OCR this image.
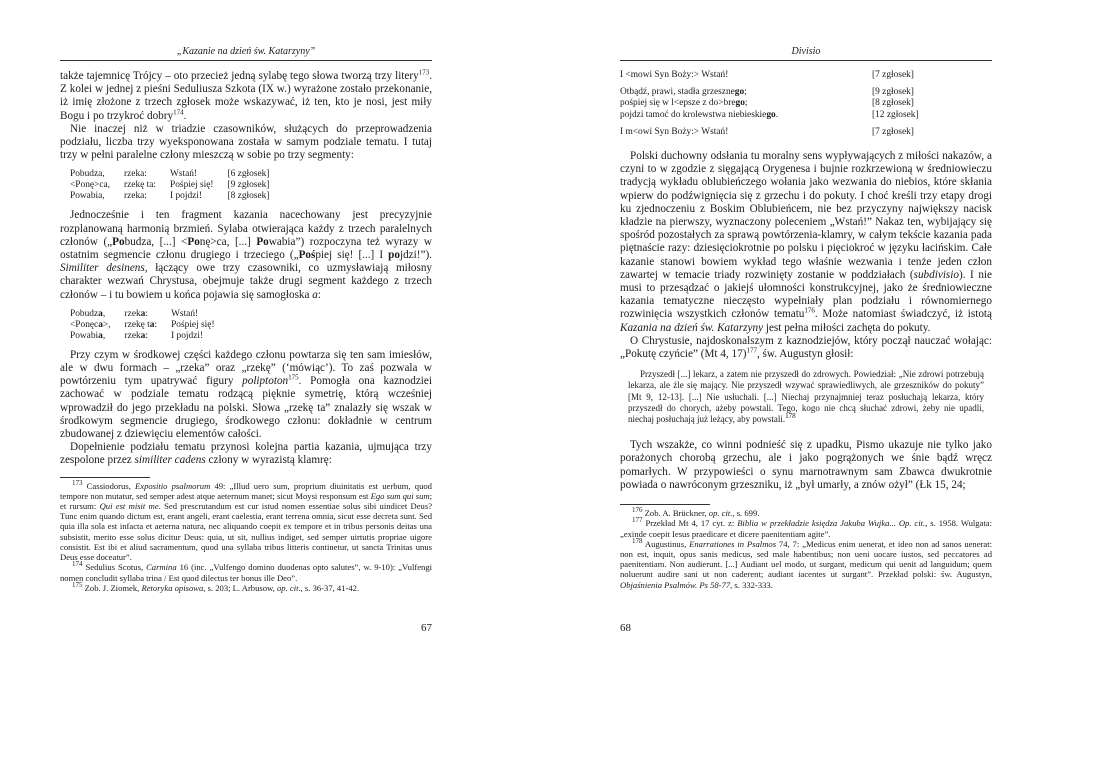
„Kazanie na dzień św. Katarzyny”

także tajemnicę Trójcy – oto przecież jedną sylabę tego słowa tworzą trzy litery$^{173}$. Z kolei w jednej z pieśni Seduliusza Szkota (IX w.) wyrażone zostało przekonanie, iż imię złożone z trzech zgłosek może wskazywać, iż ten, kto je nosi, jest miły Bogu i po trzykroć dobry$^{174}$.

Nie inaczej niż w triadzie czasowników, służących do przeprowadzenia podziału, liczba trzy wyeksponowana została w samym podziale tematu. I tutaj trzy w pełni paralelne człony mieszczą w sobie po trzy segmenty:

Pobudza,	rzeka:	Wstań!	[6 zgłosek]
<Ponę>ca,	rzekę ta:	Pośpiej się!	[9 zgłosek]
Powabia,	rzeka:	I pojdzi!	[8 zgłosek]

Jednocześnie i ten fragment kazania nacechowany jest precyzyjnie rozplanowaną harmonią brzmień. Sylaba otwierająca każdy z trzech paralelnych członów („Pobudza, [...] <Ponę>ca, [...] Powabia”) rozpoczyna też wyrazy w ostatnim segmencie członu drugiego i trzeciego („Pośpiej się! [...] I pojdzi!”). Similiter desinens, łączący owe trzy czasowniki, co uzmysławiają miłosny charakter wezwań Chrystusa, obejmuje także drugi segment każdego z trzech członów – i tu bowiem u końca pojawia się samogłoska a:

Pobudza,	rzeka:	Wstań!
<Ponęca>,	rzekę ta:	Pośpiej się!
Powabia,	rzeka:	I pojdzi!

Przy czym w środkowej części każdego członu powtarza się ten sam imiesłów, ale w dwu formach – „rzeka” oraz „rzekę” (‘mówiąc’). To zaś pozwala w powtórzeniu tym upatrywać figury poliptoton$^{175}$. Pomogła ona kaznodziei zachować w podziale tematu rodzącą pięknie symetrię, którą wcześniej wprowadził do jego przekładu na polski. Słowa „rzekę ta” znalazły się wszak w środkowym segmencie drugiego, środkowego członu: dokładnie w centrum zbudowanej z dziewięciu elementów całości.

Dopełnienie podziału tematu przynosi kolejna partia kazania, ujmująca trzy zespolone przez similiter cadens człony w wyrazistą klamrę:

$^{173}$ Cassiodorus, Expositio psalmorum 49: „Illud uero sum, proprium diuinitatis est uerbum, quod tempore non mutatur, sed semper adest atque aeternum manet; sicut Moysi responsum est Ego sum qui sum; et rursum: Qui est misit me. Sed prescrutandum est cur istud nomen essentiae solus sibi uindicet Deus? Tunc enim quando dictum est, erant angeli, erant caelestia, erant terrena omnia, sicut esse decreta sunt. Sed quia illa sola est infacta et aeterna natura, nec aliquando coepit ex tempore et in tribus personis deitas una subsistit, merito esse solus dicitur Deus: quia, ut sit, nullius indiget, sed semper uirtutis propriae uigore consistit. Est ibi et aliud sacramentum, quod una syllaba tribus litteris continetur, ut sancta Trinitas unus Deus esse doceatur”.
$^{174}$ Sedulius Scotus, Carmina 16 (inc. „Vulfengo domino duodenas opto salutes”, w. 9-10): „Vulfengi nomen concludit syllaba trina / Est quod dilectus ter bonus ille Deo”.
$^{175}$ Zob. J. Ziomek, Retoryka opisowa, s. 203; L. Arbusow, op. cit., s. 36-37, 41-42.
67
Divisio
I <mowi Syn Boży:> Wstań!	[7 zgłosek]

Otbądź, prawi, stadła grzesznego;	[9 zgłosek]
pośpiej się w l<epsze z do>brego;	[8 zgłosek]
pojdzi tamoć do krolewstwa niebieskiego.	[12 zgłosek]

I m<owi Syn Boży:> Wstań!	[7 zgłosek]

Polski duchowny odsłania tu moralny sens wypływających z miłości nakazów, a czyni to w zgodzie z sięgającą Orygenesa i bujnie rozkrzewioną w średniowieczu tradycją wykładu oblubieńczego wołania jako wezwania do niebios, które skłania wpierw do podźwignięcia się z grzechu i do pokuty. I choć kreśli trzy etapy drogi ku zjednoczeniu z Boskim Oblubieńcem, nie bez przyczyny największy nacisk kładzie na pierwszy, wyznaczony poleceniem „Wstań!” Nakaz ten, wybijający się spośród pozostałych za sprawą powtórzenia-klamry, w całym tekście kazania pada piętnaście razy: dziesięciokrotnie po polsku i pięciokroć w języku łacińskim. Całe kazanie stanowi bowiem wykład tego właśnie wezwania i tenże jeden człon zawartej w temacie triady rozwinięty zostanie w poddziałach (subdivisio). I nie musi to przesądzać o jakiejś ułomności konstrukcyjnej, jako że średniowieczne kazania tematyczne nieczęsto wypełniały plan podziału i równomiernego rozwinięcia wszystkich członów tematu$^{176}$. Może natomiast świadczyć, iż istotą Kazania na dzień św. Katarzyny jest pełna miłości zachęta do pokuty.

O Chrystusie, najdoskonalszym z kaznodziejów, który począł nauczać wołając: „Pokutę czyńcie” (Mt 4, 17)$^{177}$, św. Augustyn głosił:

Przyszedł [...] lekarz, a zatem nie przyszedł do zdrowych. Powiedział: „Nie zdrowi potrzebują lekarza, ale źle się mający. Nie przyszedł wzywać sprawiedliwych, ale grzeszników do pokuty” [Mt 9, 12-13]. [...] Nie usłuchali. [...] Niechaj przynajmniej teraz posłuchają lekarza, który przyszedł do chorych, ażeby powstali. Tego, kogo nie chcą słuchać zdrowi, żeby nie upadli, niechaj posłuchają już leżący, aby powstali.$^{178}$

Tych wszakże, co winni podnieść się z upadku, Pismo ukazuje nie tylko jako porażonych chorobą grzechu, ale i jako pogrążonych we śnie bądź wręcz pomarłych. W przypowieści o synu marnotrawnym sam Zbawca dwukrotnie powiada o nawróconym grzeszniku, iż „był umarły, a znów ożył” (Łk 15, 24;

$^{176}$ Zob. A. Brückner, op. cit., s. 699.
$^{177}$ Przekład Mt 4, 17 cyt. z: Biblia w przekładzie księdza Jakuba Wujka... Op. cit., s. 1958. Wulgata: „exinde coepit Iesus praedicare et dicere paenitentiam agite”.
$^{178}$ Augustinus, Enarrationes in Psalmos 74, 7: „Medicus enim uenerat, et ideo non ad sanos uenerat: non est, inquit, opus sanis medicus, sed male habentibus; non ueni uocare iustos, sed peccatores ad paenitentiam. Non audierunt. [...] Audiant uel modo, ut surgant, medicum qui uenit ad languidum; quem noluerunt audire sani ut non caderent; audiant iacentes ut surgant”. Przekład polski: św. Augustyn, Objaśnienia Psalmów. Ps 58-77, s. 332-333.
68
